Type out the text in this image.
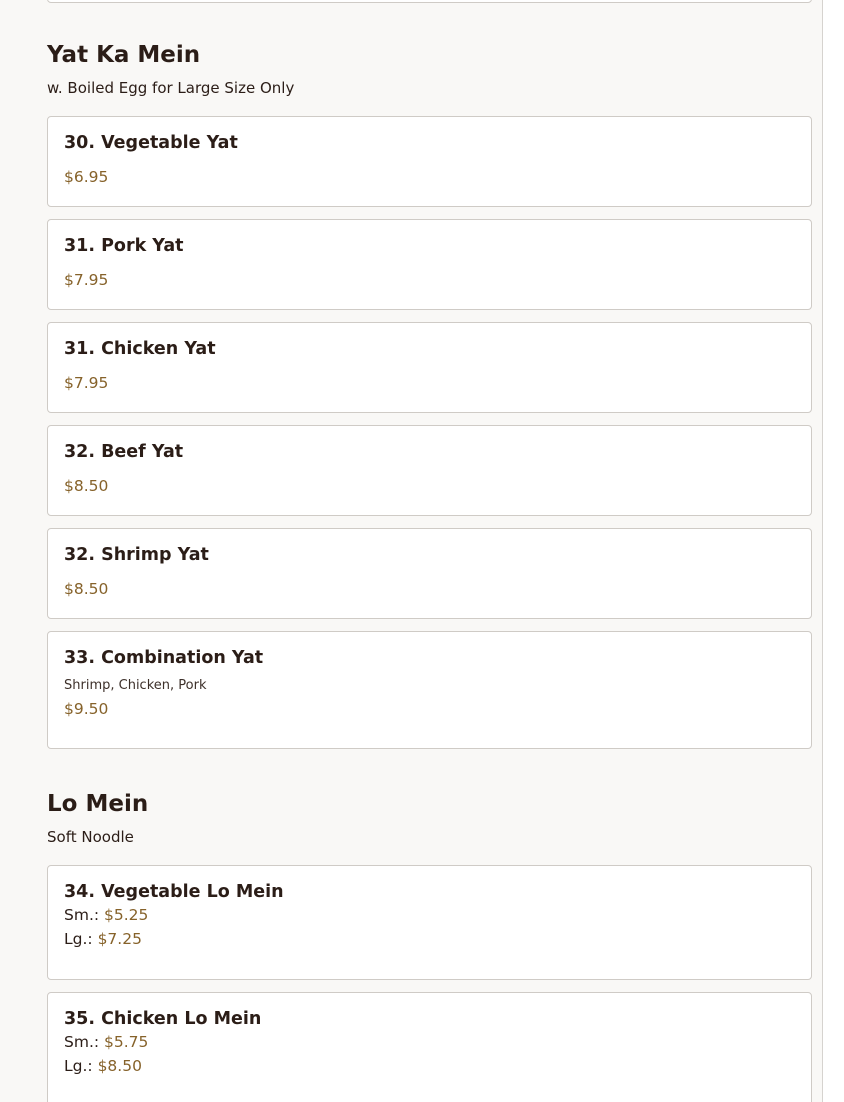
Yat Ka Mein
w. Boiled Egg for Large Size Only
30. Vegetable Yat
$6.95
31. Pork Yat
$7.95
31. Chicken Yat
$7.95
32. Beef Yat
$8.50
32. Shrimp Yat
$8.50
33. Combination Yat
Shrimp, Chicken, Pork
$9.50
Lo Mein
Soft Noodle
34. Vegetable Lo Mein
Sm.: $5.25
Lg.: $7.25
35. Chicken Lo Mein
Sm.: $5.75
Lg.: $8.50
